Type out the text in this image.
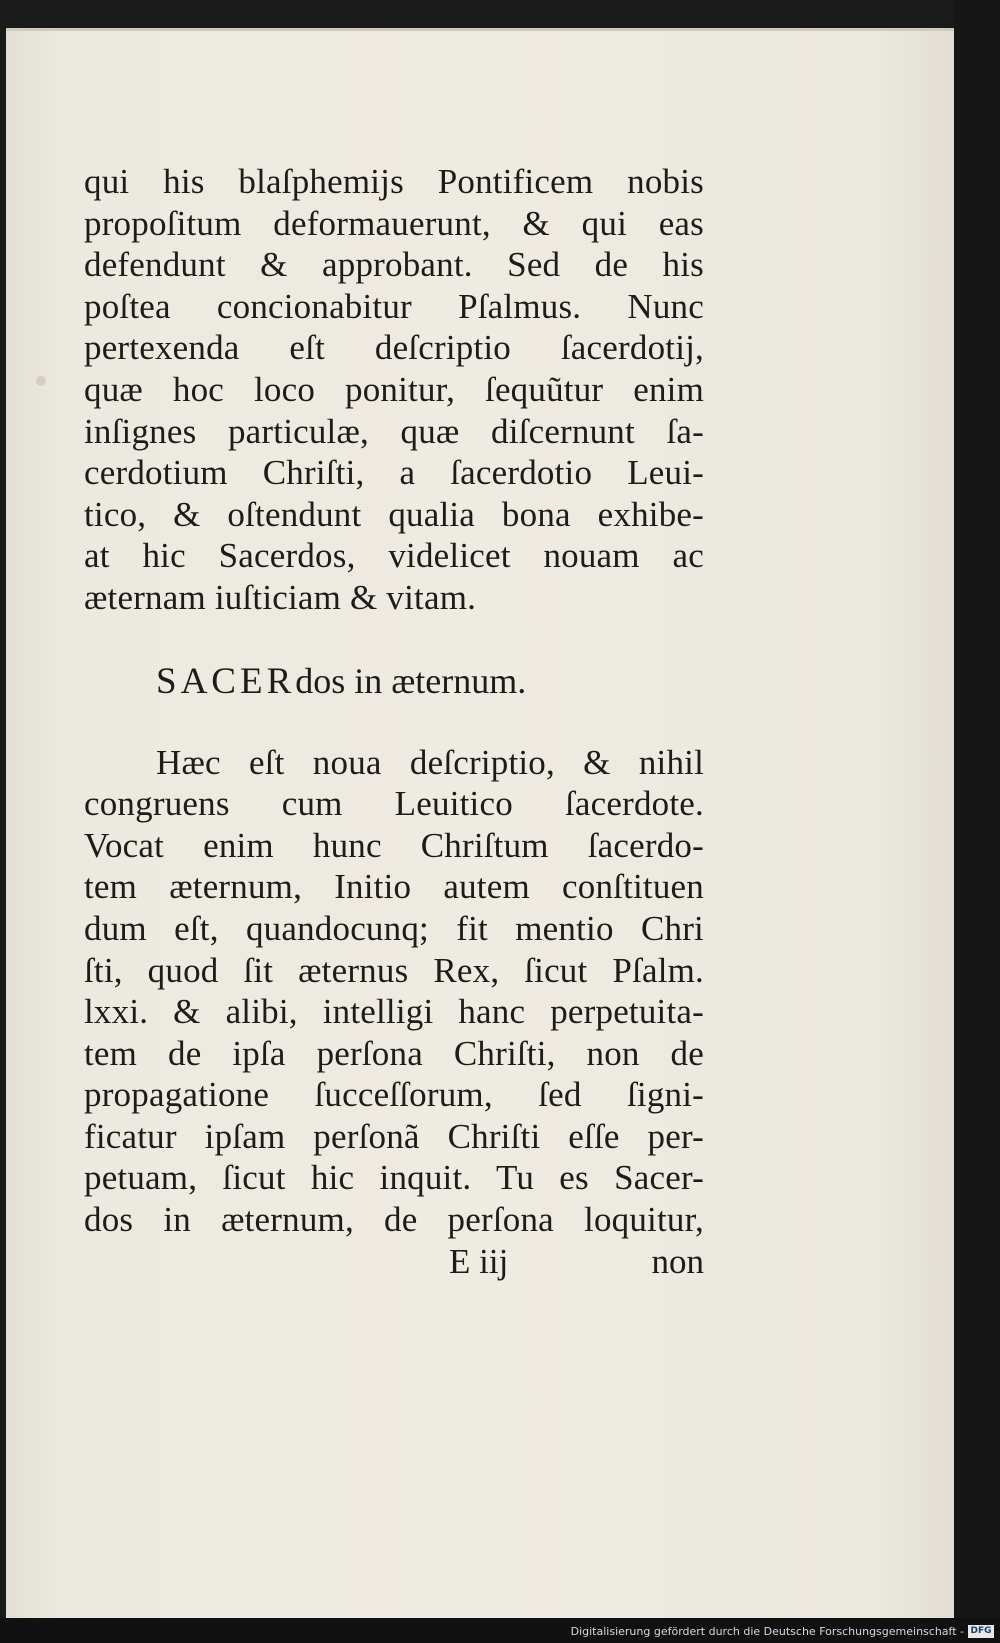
qui his blaſphemijs Pontificem nobis
propoſitum deformauerunt, & qui eas
defendunt & approbant. Sed de his
poſtea concionabitur Pſalmus. Nunc
pertexenda eſt deſcriptio ſacerdotij,
quæ hoc loco ponitur, ſequũtur enim
inſignes particulæ, quæ diſcernunt ſa-
cerdotium Chriſti, a ſacerdotio Leui-
tico, & oſtendunt qualia bona exhibe-
at hic Sacerdos, videlicet nouam ac
æternam iuſticiam & vitam.
SACERdos in æternum.
Hæc eſt noua deſcriptio, & nihil
congruens cum Leuitico ſacerdote.
Vocat enim hunc Chriſtum ſacerdo-
tem æternum, Initio autem conſtituen
dum eſt, quandocunq; fit mentio Chri
ſti, quod ſit æternus Rex, ſicut Pſalm.
lxxi. & alibi, intelligi hanc perpetuita-
tem de ipſa perſona Chriſti, non de
propagatione ſucceſſorum, ſed ſigni-
ficatur ipſam perſonã Chriſti eſſe per-
petuam, ſicut hic inquit. Tu es Sacer-
dos in æternum, de perſona loquitur,
E iij	non
Digitalisierung gefördert durch die Deutsche Forschungsgemeinschaft - DFG
